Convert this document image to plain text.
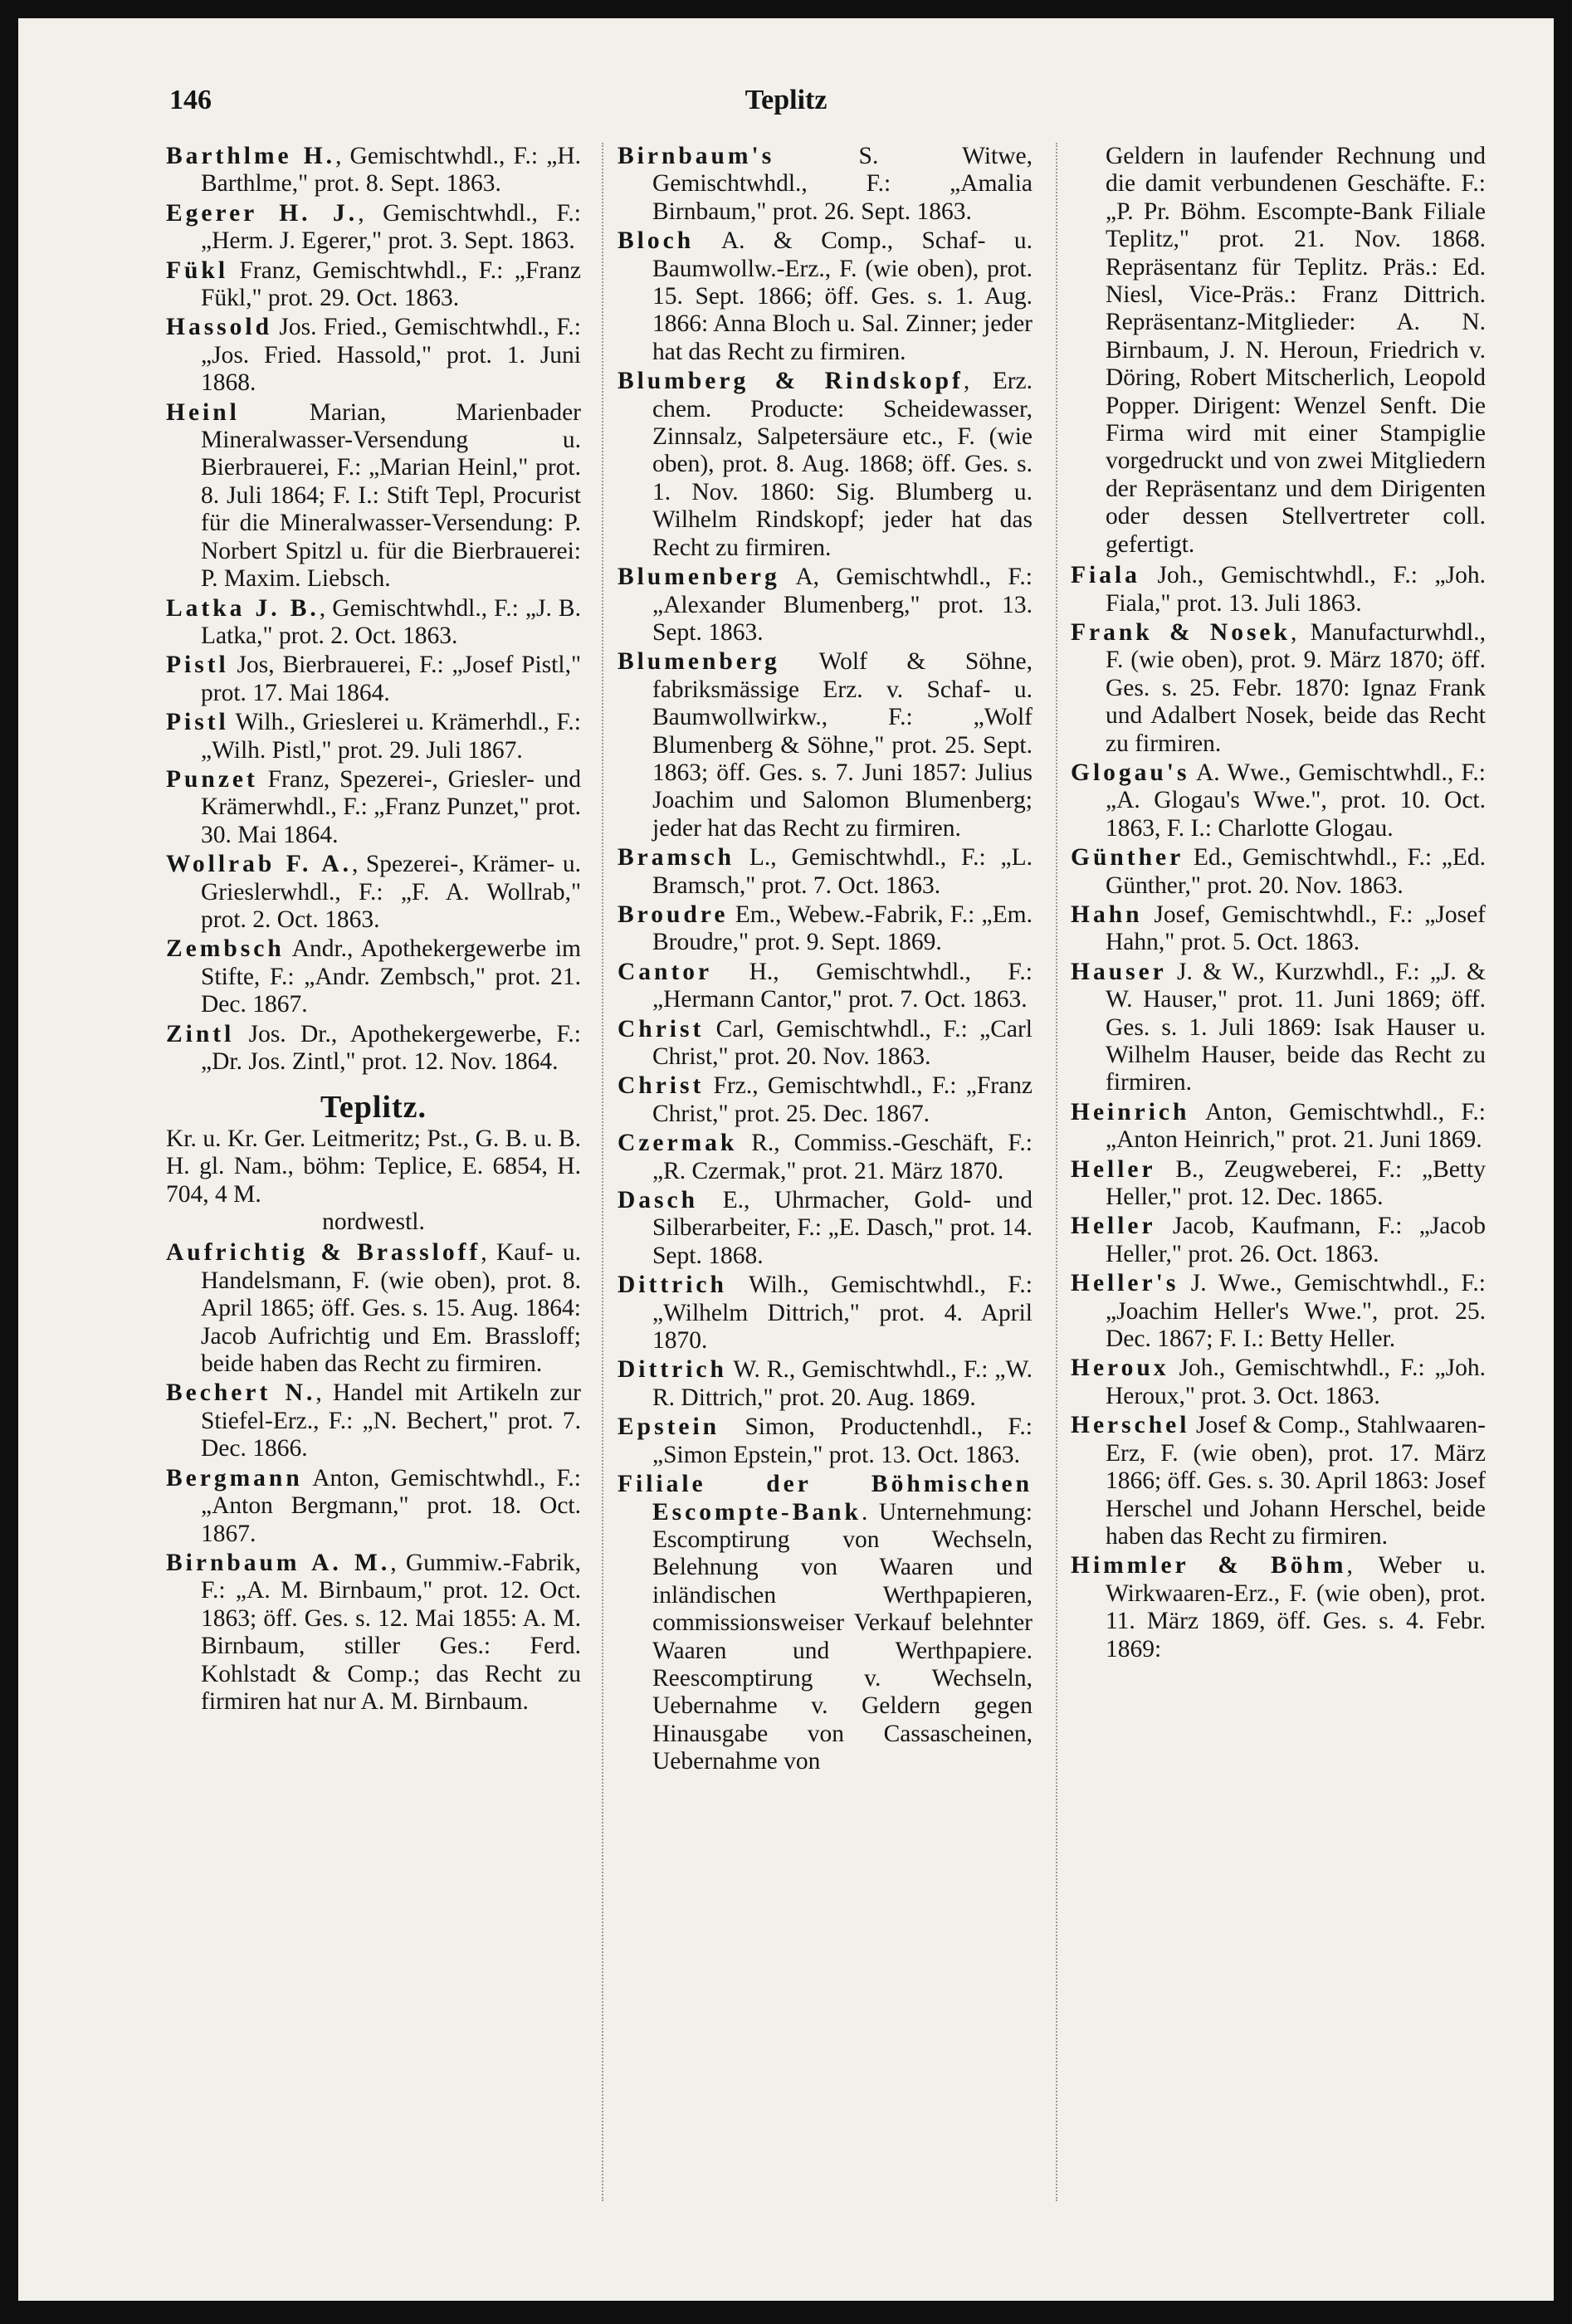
146	Teplitz
Barthlme H., Gemischtwhdl., F.: „H. Barthlme," prot. 8. Sept. 1863.
Egerer H. J., Gemischtwhdl., F.: „Herm. J. Egerer," prot. 3. Sept. 1863.
Fükl Franz, Gemischtwhdl., F.: „Franz Fükl," prot. 29. Oct. 1863.
Hassold Jos. Fried., Gemischtwhdl., F.: „Jos. Fried. Hassold," prot. 1. Juni 1868.
Heinl Marian, Marienbader Mineralwasser-Versendung u. Bierbrauerei, F.: „Marian Heinl," prot. 8. Juli 1864; F. I.: Stift Tepl, Procurist für die Mineralwasser-Versendung: P. Norbert Spitzl u. für die Bierbrauerei: P. Maxim. Liebsch.
Latka J. B., Gemischtwhdl., F.: „J. B. Latka," prot. 2. Oct. 1863.
Pistl Jos, Bierbrauerei, F.: „Josef Pistl," prot. 17. Mai 1864.
Pistl Wilh., Grieslerei u. Krämerhdl., F.: „Wilh. Pistl," prot. 29. Juli 1867.
Punzet Franz, Spezerei-, Griesler- und Krämerwhdl., F.: „Franz Punzet," prot. 30. Mai 1864.
Wollrab F. A., Spezerei-, Krämer- u. Grieslerwhdl., F.: „F. A. Wollrab," prot. 2. Oct. 1863.
Zembsch Andr., Apothekergewerbe im Stifte, F.: „Andr. Zembsch," prot. 21. Dec. 1867.
Zintl Jos. Dr., Apothekergewerbe, F.: „Dr. Jos. Zintl," prot. 12. Nov. 1864.
Teplitz.
Kr. u. Kr. Ger. Leitmeritz; Pst., G. B. u. B. H. gl. Nam., böhm: Teplice, E. 6854, H. 704, 4 M.
nordwestl.
Aufrichtig & Brassloff, Kauf- u. Handelsmann, F. (wie oben), prot. 8. April 1865; öff. Ges. s. 15. Aug. 1864: Jacob Aufrichtig und Em. Brassloff; beide haben das Recht zu firmiren.
Bechert N., Handel mit Artikeln zur Stiefel-Erz., F.: „N. Bechert," prot. 7. Dec. 1866.
Bergmann Anton, Gemischtwhdl., F.: „Anton Bergmann," prot. 18. Oct. 1867.
Birnbaum A. M., Gummiw.-Fabrik, F.: „A. M. Birnbaum," prot. 12. Oct. 1863; öff. Ges. s. 12. Mai 1855: A. M. Birnbaum, stiller Ges.: Ferd. Kohlstadt & Comp.; das Recht zu firmiren hat nur A. M. Birnbaum.
Birnbaum's S. Witwe, Gemischtwhdl., F.: „Amalia Birnbaum," prot. 26. Sept. 1863.
Bloch A. & Comp., Schaf- u. Baumwollw.-Erz., F. (wie oben), prot. 15. Sept. 1866; öff. Ges. s. 1. Aug. 1866: Anna Bloch u. Sal. Zinner; jeder hat das Recht zu firmiren.
Blumberg & Rindskopf, Erz. chem. Producte: Scheidewasser, Zinnsalz, Salpetersäure etc., F. (wie oben), prot. 8. Aug. 1868; öff. Ges. s. 1. Nov. 1860: Sig. Blumberg u. Wilhelm Rindskopf; jeder hat das Recht zu firmiren.
Blumenberg A, Gemischtwhdl., F.: „Alexander Blumenberg," prot. 13. Sept. 1863.
Blumenberg Wolf & Söhne, fabriksmässige Erz. v. Schaf- u. Baumwollwirkw., F.: „Wolf Blumenberg & Söhne," prot. 25. Sept. 1863; öff. Ges. s. 7. Juni 1857: Julius Joachim und Salomon Blumenberg; jeder hat das Recht zu firmiren.
Bramsch L., Gemischtwhdl., F.: „L. Bramsch," prot. 7. Oct. 1863.
Broudre Em., Webew.-Fabrik, F.: „Em. Broudre," prot. 9. Sept. 1869.
Cantor H., Gemischtwhdl., F.: „Hermann Cantor," prot. 7. Oct. 1863.
Christ Carl, Gemischtwhdl., F.: „Carl Christ," prot. 20. Nov. 1863.
Christ Frz., Gemischtwhdl., F.: „Franz Christ," prot. 25. Dec. 1867.
Czermak R., Commiss.-Geschäft, F.: „R. Czermak," prot. 21. März 1870.
Dasch E., Uhrmacher, Gold- und Silberarbeiter, F.: „E. Dasch," prot. 14. Sept. 1868.
Dittrich Wilh., Gemischtwhdl., F.: „Wilhelm Dittrich," prot. 4. April 1870.
Dittrich W. R., Gemischtwhdl., F.: „W. R. Dittrich," prot. 20. Aug. 1869.
Epstein Simon, Productenhdl., F.: „Simon Epstein," prot. 13. Oct. 1863.
Filiale der Böhmischen Escompte-Bank. Unternehmung: Escomptirung von Wechseln, Belehnung von Waaren und inländischen Werthpapieren, commissionsweiser Verkauf belehnter Waaren und Werthpapiere. Reescomptirung v. Wechseln, Uebernahme v. Geldern gegen Hinausgabe von Cassascheinen, Uebernahme von
Geldern in laufender Rechnung und die damit verbundenen Geschäfte. F.: „P. Pr. Böhm. Escompte-Bank Filiale Teplitz," prot. 21. Nov. 1868. Repräsentanz für Teplitz. Präs.: Ed. Niesl, Vice-Präs.: Franz Dittrich. Repräsentanz-Mitglieder: A. N. Birnbaum, J. N. Heroun, Friedrich v. Döring, Robert Mitscherlich, Leopold Popper. Dirigent: Wenzel Senft. Die Firma wird mit einer Stampiglie vorgedruckt und von zwei Mitgliedern der Repräsentanz und dem Dirigenten oder dessen Stellvertreter coll. gefertigt.
Fiala Joh., Gemischtwhdl., F.: „Joh. Fiala," prot. 13. Juli 1863.
Frank & Nosek, Manufacturwhdl., F. (wie oben), prot. 9. März 1870; öff. Ges. s. 25. Febr. 1870: Ignaz Frank und Adalbert Nosek, beide das Recht zu firmiren.
Glogau's A. Wwe., Gemischtwhdl., F.: „A. Glogau's Wwe.", prot. 10. Oct. 1863, F. I.: Charlotte Glogau.
Günther Ed., Gemischtwhdl., F.: „Ed. Günther," prot. 20. Nov. 1863.
Hahn Josef, Gemischtwhdl., F.: „Josef Hahn," prot. 5. Oct. 1863.
Hauser J. & W., Kurzwhdl., F.: „J. & W. Hauser," prot. 11. Juni 1869; öff. Ges. s. 1. Juli 1869: Isak Hauser u. Wilhelm Hauser, beide das Recht zu firmiren.
Heinrich Anton, Gemischtwhdl., F.: „Anton Heinrich," prot. 21. Juni 1869.
Heller B., Zeugweberei, F.: „Betty Heller," prot. 12. Dec. 1865.
Heller Jacob, Kaufmann, F.: „Jacob Heller," prot. 26. Oct. 1863.
Heller's J. Wwe., Gemischtwhdl., F.: „Joachim Heller's Wwe.", prot. 25. Dec. 1867; F. I.: Betty Heller.
Heroux Joh., Gemischtwhdl., F.: „Joh. Heroux," prot. 3. Oct. 1863.
Herschel Josef & Comp., Stahlwaaren-Erz, F. (wie oben), prot. 17. März 1866; öff. Ges. s. 30. April 1863: Josef Herschel und Johann Herschel, beide haben das Recht zu firmiren.
Himmler & Böhm, Weber u. Wirkwaaren-Erz., F. (wie oben), prot. 11. März 1869, öff. Ges. s. 4. Febr. 1869:
